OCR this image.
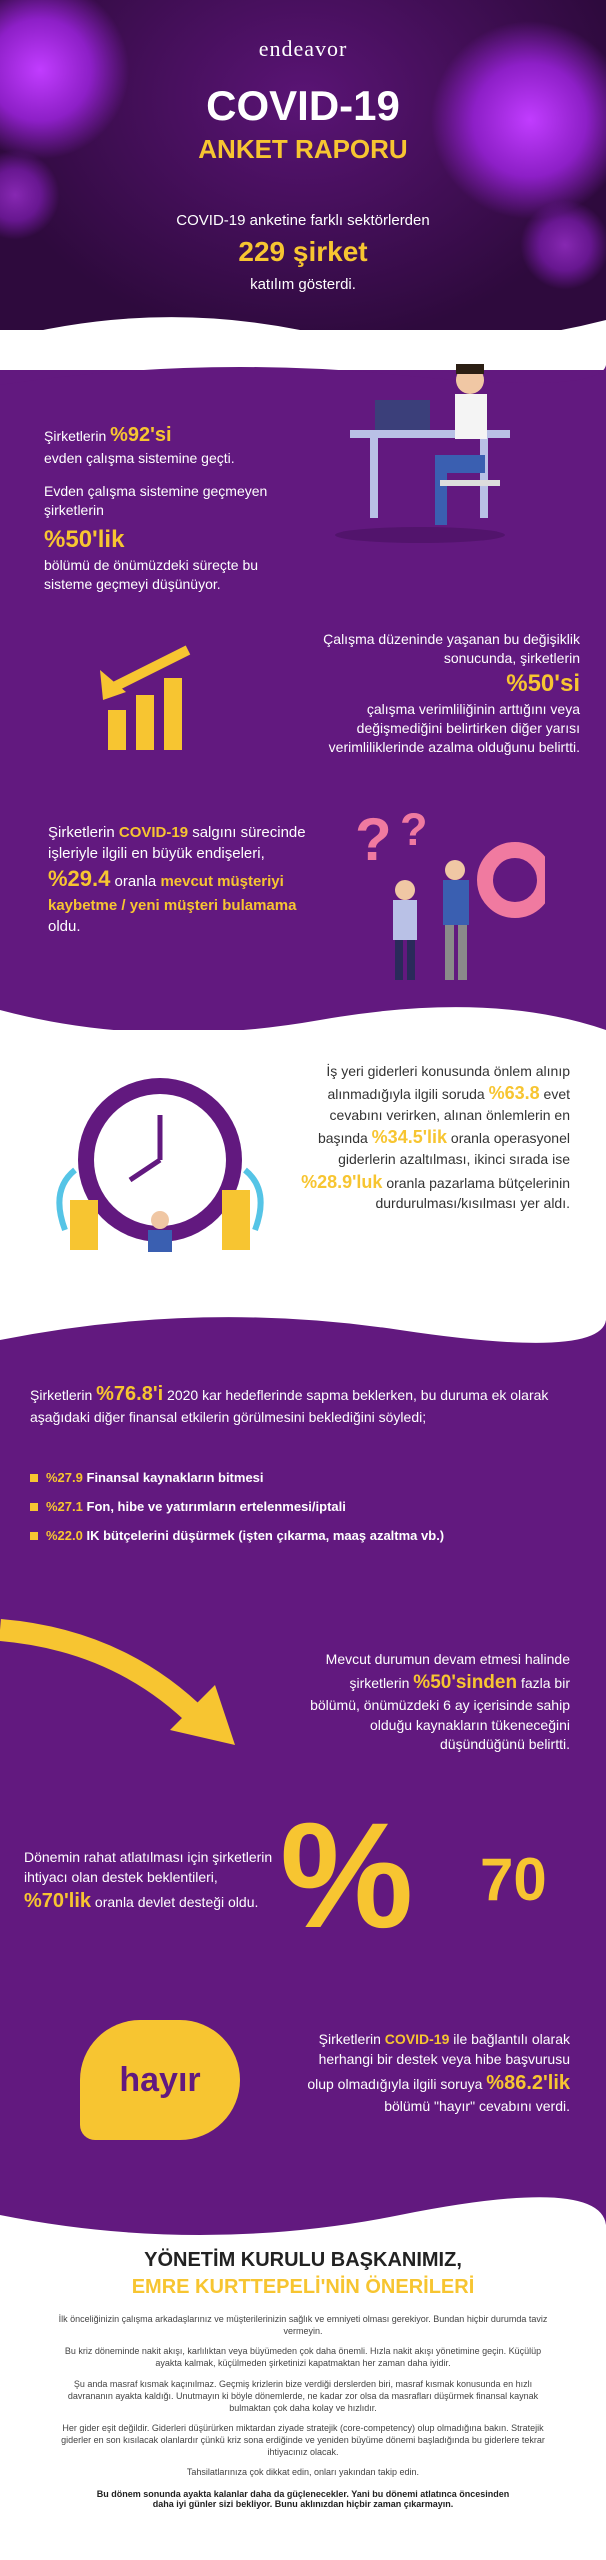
endeavor
COVID-19
ANKET RAPORU
COVID-19 anketine farklı sektörlerden
229 şirket
katılım gösterdi.
Şirketlerin %92'si
evden çalışma sistemine geçti.
Evden çalışma sistemine geçmeyen şirketlerin
%50'lik
bölümü de önümüzdeki süreçte bu sisteme geçmeyi düşünüyor.
Çalışma düzeninde yaşanan bu değişiklik sonucunda, şirketlerin
%50'si
çalışma verimliliğinin arttığını veya değişmediğini belirtirken diğer yarısı verimliliklerinde azalma olduğunu belirtti.
Şirketlerin COVID-19 salgını sürecinde işleriyle ilgili en büyük endişeleri, %29.4 oranla mevcut müşteriyi kaybetme / yeni müşteri bulamama oldu.
? ?
İş yeri giderleri konusunda önlem alınıp alınmadığıyla ilgili soruda %63.8 evet cevabını verirken, alınan önlemlerin en başında %34.5'lik oranla operasyonel giderlerin azaltılması, ikinci sırada ise %28.9'luk oranla pazarlama bütçelerinin durdurulması/kısılması yer aldı.
Şirketlerin %76.8'i 2020 kar hedeflerinde sapma beklerken, bu duruma ek olarak aşağıdaki diğer finansal etkilerin görülmesini beklediğini söyledi;
%27.9 Finansal kaynakların bitmesi
%27.1 Fon, hibe ve yatırımların ertelenmesi/iptali
%22.0 IK bütçelerini düşürmek (işten çıkarma, maaş azaltma vb.)
Mevcut durumun devam etmesi halinde şirketlerin %50'sinden fazla bir bölümü, önümüzdeki 6 ay içerisinde sahip olduğu kaynakların tükeneceğini düşündüğünü belirtti.
Dönemin rahat atlatılması için şirketlerin ihtiyacı olan destek beklentileri, %70'lik oranla devlet desteği oldu. % 70
hayır
Şirketlerin COVID-19 ile bağlantılı olarak herhangi bir destek veya hibe başvurusu olup olmadığıyla ilgili soruya %86.2'lik bölümü "hayır" cevabını verdi.
YÖNETİM KURULU BAŞKANIMIZ,
EMRE KURTTEPELİ'NİN ÖNERİLERİ
İlk önceliğinizin çalışma arkadaşlarınız ve müşterilerinizin sağlık ve emniyeti olması gerekiyor. Bundan hiçbir durumda taviz vermeyin.
Bu kriz döneminde nakit akışı, karlılıktan veya büyümeden çok daha önemli. Hızla nakit akışı yönetimine geçin. Küçülüp ayakta kalmak, küçülmeden şirketinizi kapatmaktan her zaman daha iyidir.
Şu anda masraf kısmak kaçınılmaz. Geçmiş krizlerin bize verdiği derslerden biri, masraf kısmak konusunda en hızlı davrananın ayakta kaldığı. Unutmayın ki böyle dönemlerde, ne kadar zor olsa da masrafları düşürmek finansal kaynak bulmaktan çok daha kolay ve hızlıdır.
Her gider eşit değildir. Giderleri düşürürken miktardan ziyade stratejik (core-competency) olup olmadığına bakın. Stratejik giderler en son kısılacak olanlardır çünkü kriz sona erdiğinde ve yeniden büyüme dönemi başladığında bu giderlere tekrar ihtiyacınız olacak.
Tahsilatlarınıza çok dikkat edin, onları yakından takip edin.
Bu dönem sonunda ayakta kalanlar daha da güçlenecekler. Yani bu dönemi atlatınca öncesinden
daha iyi günler sizi bekliyor. Bunu aklınızdan hiçbir zaman çıkarmayın.
